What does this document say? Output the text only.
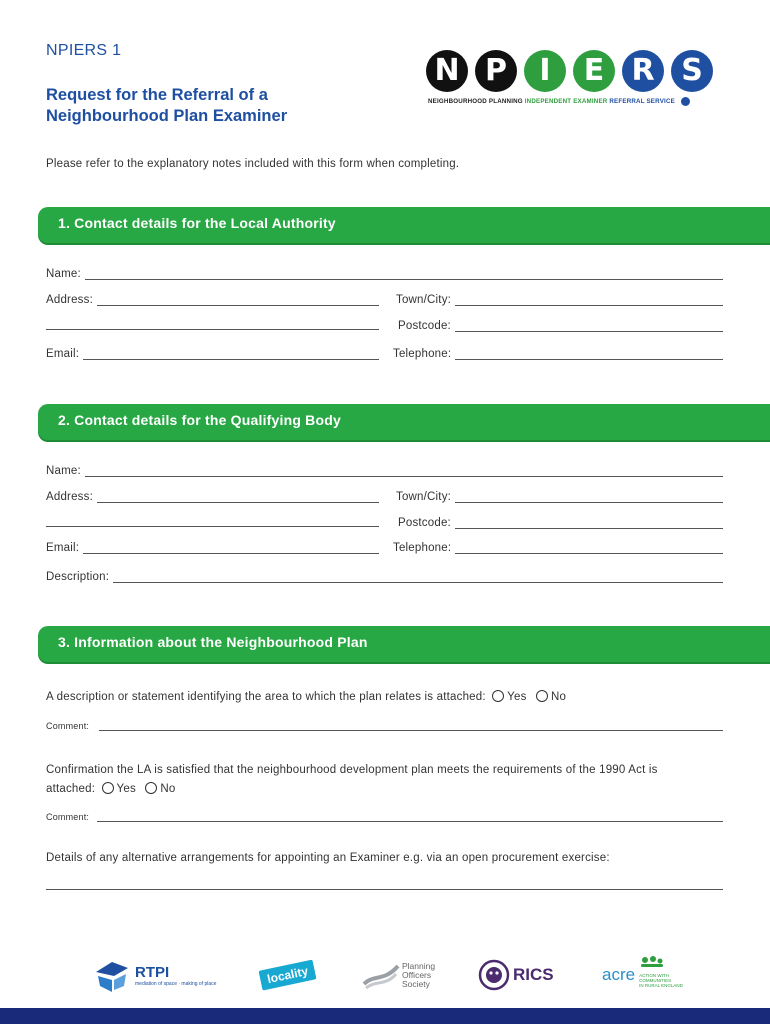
NPIERS 1
Request for the Referral of a
Neighbourhood Plan Examiner
N P	I	E R S
NEIGHBOURHOOD PLANNING INDEPENDENT EXAMINER REFERRAL SERVICE
Please refer to the explanatory notes included with this form when completing.
1. Contact details for the Local Authority
Name:
Address:	Town/City:
Postcode:
Email:	Telephone:
2. Contact details for the Qualifying Body
Name:
Address:	Town/City:
Postcode:
Email:	Telephone:
Description:
3. Information about the Neighbourhood Plan
A description or statement identifying the area to which the plan relates is attached: Yes No
Comment:
Confirmation the LA is satisfied that the neighbourhood development plan meets the requirements of the 1990 Act is
attached: Yes No
Comment:
Details of any alternative arrangements for appointing an Examiner e.g. via an open procurement exercise:
RTPI
mediation of space · making of place	locality	Planning
Officers
Society	RICS	acre ACTION WITH
COMMUNITIES
IN RURAL ENGLAND
